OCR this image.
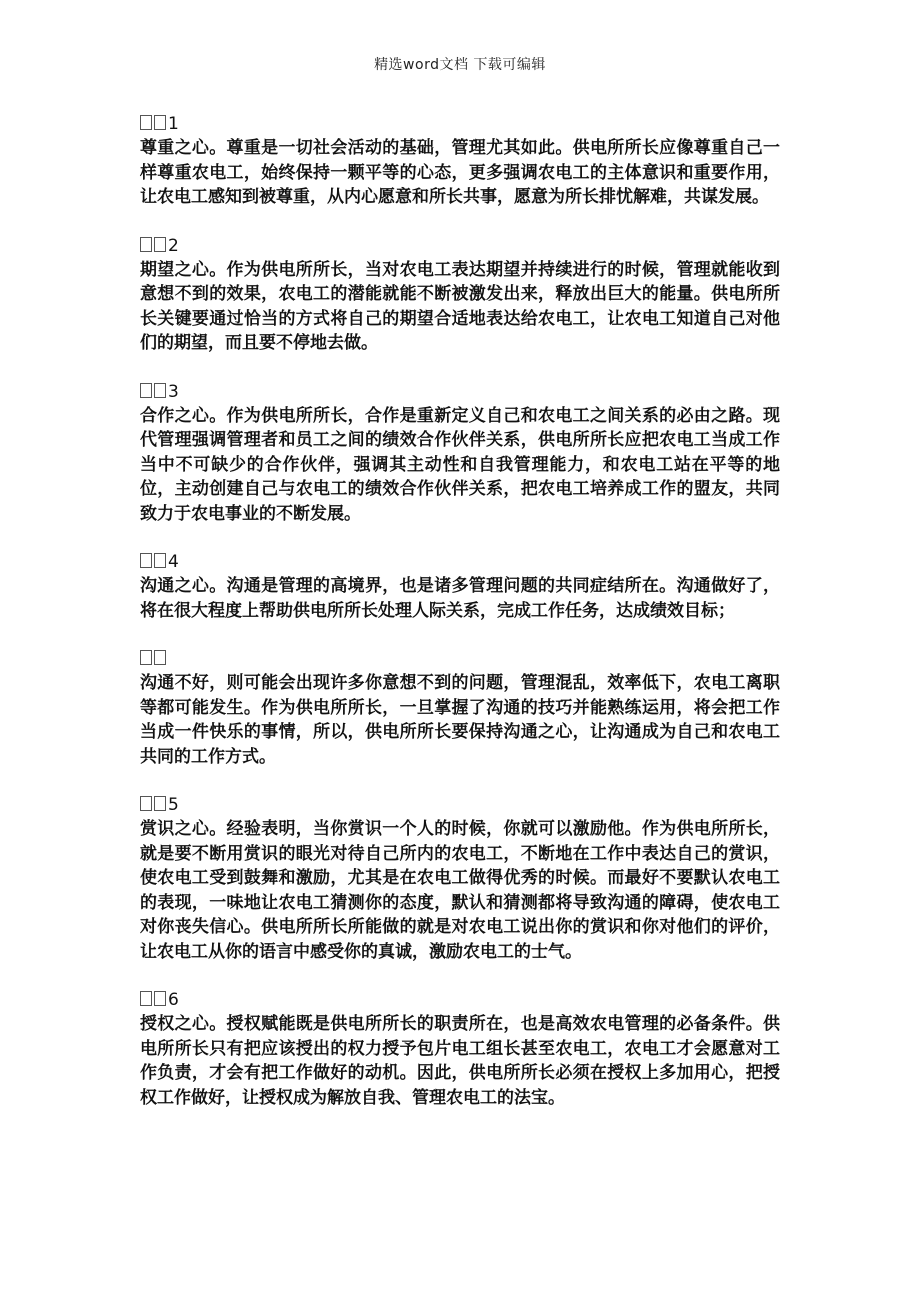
精选word文档 下载可编辑
1
尊重之心。尊重是一切社会活动的基础，管理尤其如此。供电所所长应像尊重自己一样尊重农电工，始终保持一颗平等的心态，更多强调农电工的主体意识和重要作用，让农电工感知到被尊重，从内心愿意和所长共事，愿意为所长排忧解难，共谋发展。
2
期望之心。作为供电所所长，当对农电工表达期望并持续进行的时候，管理就能收到意想不到的效果，农电工的潜能就能不断被激发出来，释放出巨大的能量。供电所所长关键要通过恰当的方式将自己的期望合适地表达给农电工，让农电工知道自己对他们的期望，而且要不停地去做。
3
合作之心。作为供电所所长，合作是重新定义自己和农电工之间关系的必由之路。现代管理强调管理者和员工之间的绩效合作伙伴关系，供电所所长应把农电工当成工作当中不可缺少的合作伙伴，强调其主动性和自我管理能力，和农电工站在平等的地位，主动创建自己与农电工的绩效合作伙伴关系，把农电工培养成工作的盟友，共同致力于农电事业的不断发展。
4
沟通之心。沟通是管理的高境界，也是诸多管理问题的共同症结所在。沟通做好了，将在很大程度上帮助供电所所长处理人际关系，完成工作任务，达成绩效目标；
沟通不好，则可能会出现许多你意想不到的问题，管理混乱，效率低下，农电工离职等都可能发生。作为供电所所长，一旦掌握了沟通的技巧并能熟练运用，将会把工作当成一件快乐的事情，所以，供电所所长要保持沟通之心，让沟通成为自己和农电工共同的工作方式。
5
赏识之心。经验表明，当你赏识一个人的时候，你就可以激励他。作为供电所所长，就是要不断用赏识的眼光对待自己所内的农电工，不断地在工作中表达自己的赏识，使农电工受到鼓舞和激励，尤其是在农电工做得优秀的时候。而最好不要默认农电工的表现，一味地让农电工猜测你的态度，默认和猜测都将导致沟通的障碍，使农电工对你丧失信心。供电所所长所能做的就是对农电工说出你的赏识和你对他们的评价，让农电工从你的语言中感受你的真诚，激励农电工的士气。
6
授权之心。授权赋能既是供电所所长的职责所在，也是高效农电管理的必备条件。供电所所长只有把应该授出的权力授予包片电工组长甚至农电工，农电工才会愿意对工作负责，才会有把工作做好的动机。因此，供电所所长必须在授权上多加用心，把授权工作做好，让授权成为解放自我、管理农电工的法宝。
